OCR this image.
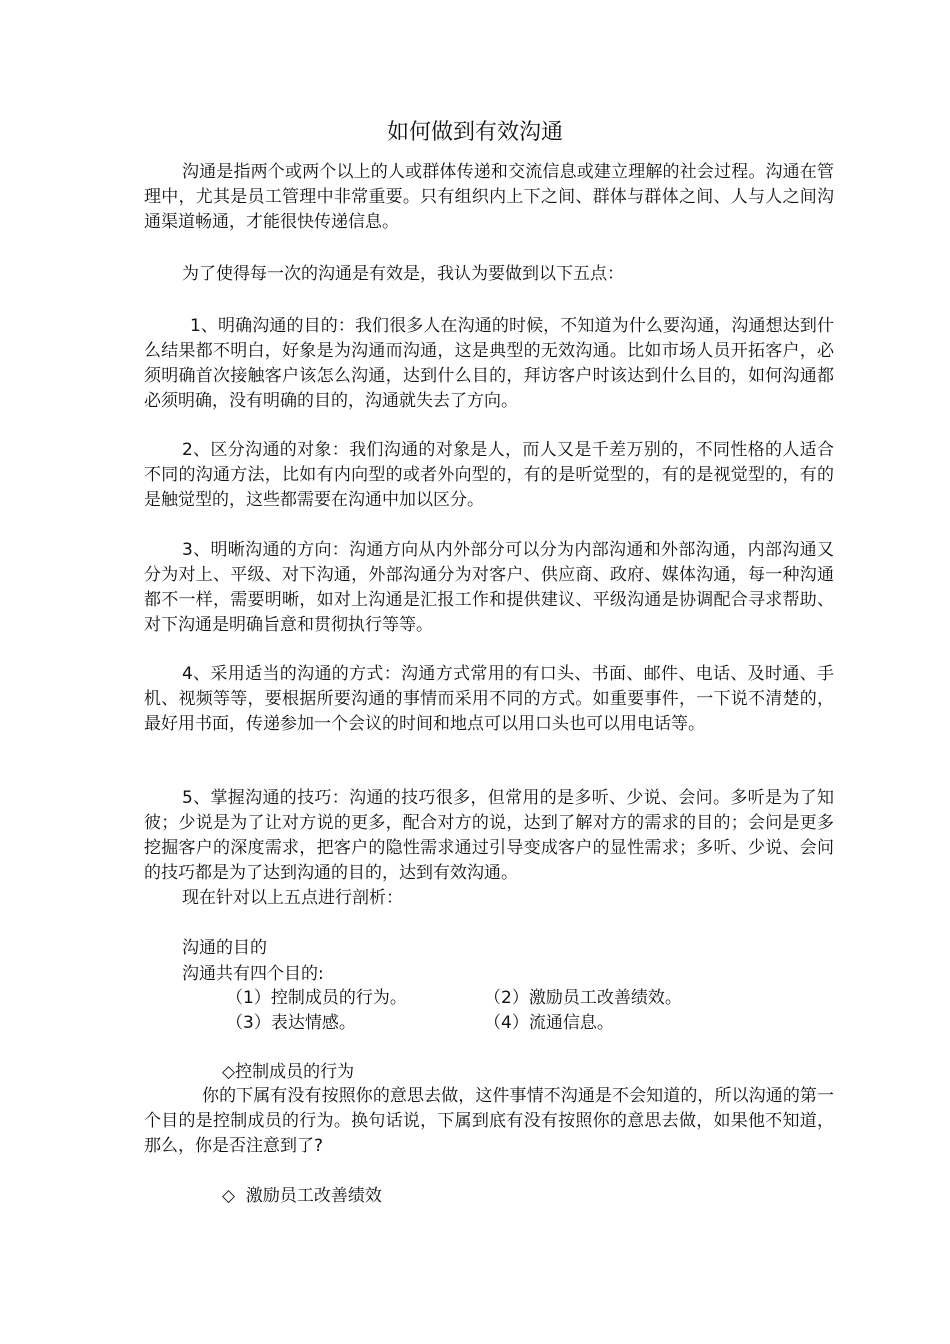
如何做到有效沟通

沟通是指两个或两个以上的人或群体传递和交流信息或建立理解的社会过程。沟通在管理中，尤其是员工管理中非常重要。只有组织内上下之间、群体与群体之间、人与人之间沟通渠道畅通，才能很快传递信息。

为了使得每一次的沟通是有效是，我认为要做到以下五点：

1、明确沟通的目的：我们很多人在沟通的时候，不知道为什么要沟通，沟通想达到什么结果都不明白，好象是为沟通而沟通，这是典型的无效沟通。比如市场人员开拓客户，必须明确首次接触客户该怎么沟通，达到什么目的，拜访客户时该达到什么目的，如何沟通都必须明确，没有明确的目的，沟通就失去了方向。

2、区分沟通的对象：我们沟通的对象是人，而人又是千差万别的，不同性格的人适合不同的沟通方法，比如有内向型的或者外向型的，有的是听觉型的，有的是视觉型的，有的是触觉型的，这些都需要在沟通中加以区分。

3、明晰沟通的方向：沟通方向从内外部分可以分为内部沟通和外部沟通，内部沟通又分为对上、平级、对下沟通，外部沟通分为对客户、供应商、政府、媒体沟通，每一种沟通都不一样，需要明晰，如对上沟通是汇报工作和提供建议、平级沟通是协调配合寻求帮助、对下沟通是明确旨意和贯彻执行等等。

4、采用适当的沟通的方式：沟通方式常用的有口头、书面、邮件、电话、及时通、手机、视频等等，要根据所要沟通的事情而采用不同的方式。如重要事件，一下说不清楚的，最好用书面，传递参加一个会议的时间和地点可以用口头也可以用电话等。

5、掌握沟通的技巧：沟通的技巧很多，但常用的是多听、少说、会问。多听是为了知彼；少说是为了让对方说的更多，配合对方的说，达到了解对方的需求的目的；会问是更多挖掘客户的深度需求，把客户的隐性需求通过引导变成客户的显性需求；多听、少说、会问的技巧都是为了达到沟通的目的，达到有效沟通。

现在针对以上五点进行剖析：
沟通的目的
沟通共有四个目的:
（1）控制成员的行为。	（2）激励员工改善绩效。
（3）表达情感。	（4）流通信息。
◇控制成员的行为

你的下属有没有按照你的意思去做，这件事情不沟通是不会知道的，所以沟通的第一个目的是控制成员的行为。换句话说，下属到底有没有按照你的意思去做，如果他不知道，那么，你是否注意到了?

◇  激励员工改善绩效
